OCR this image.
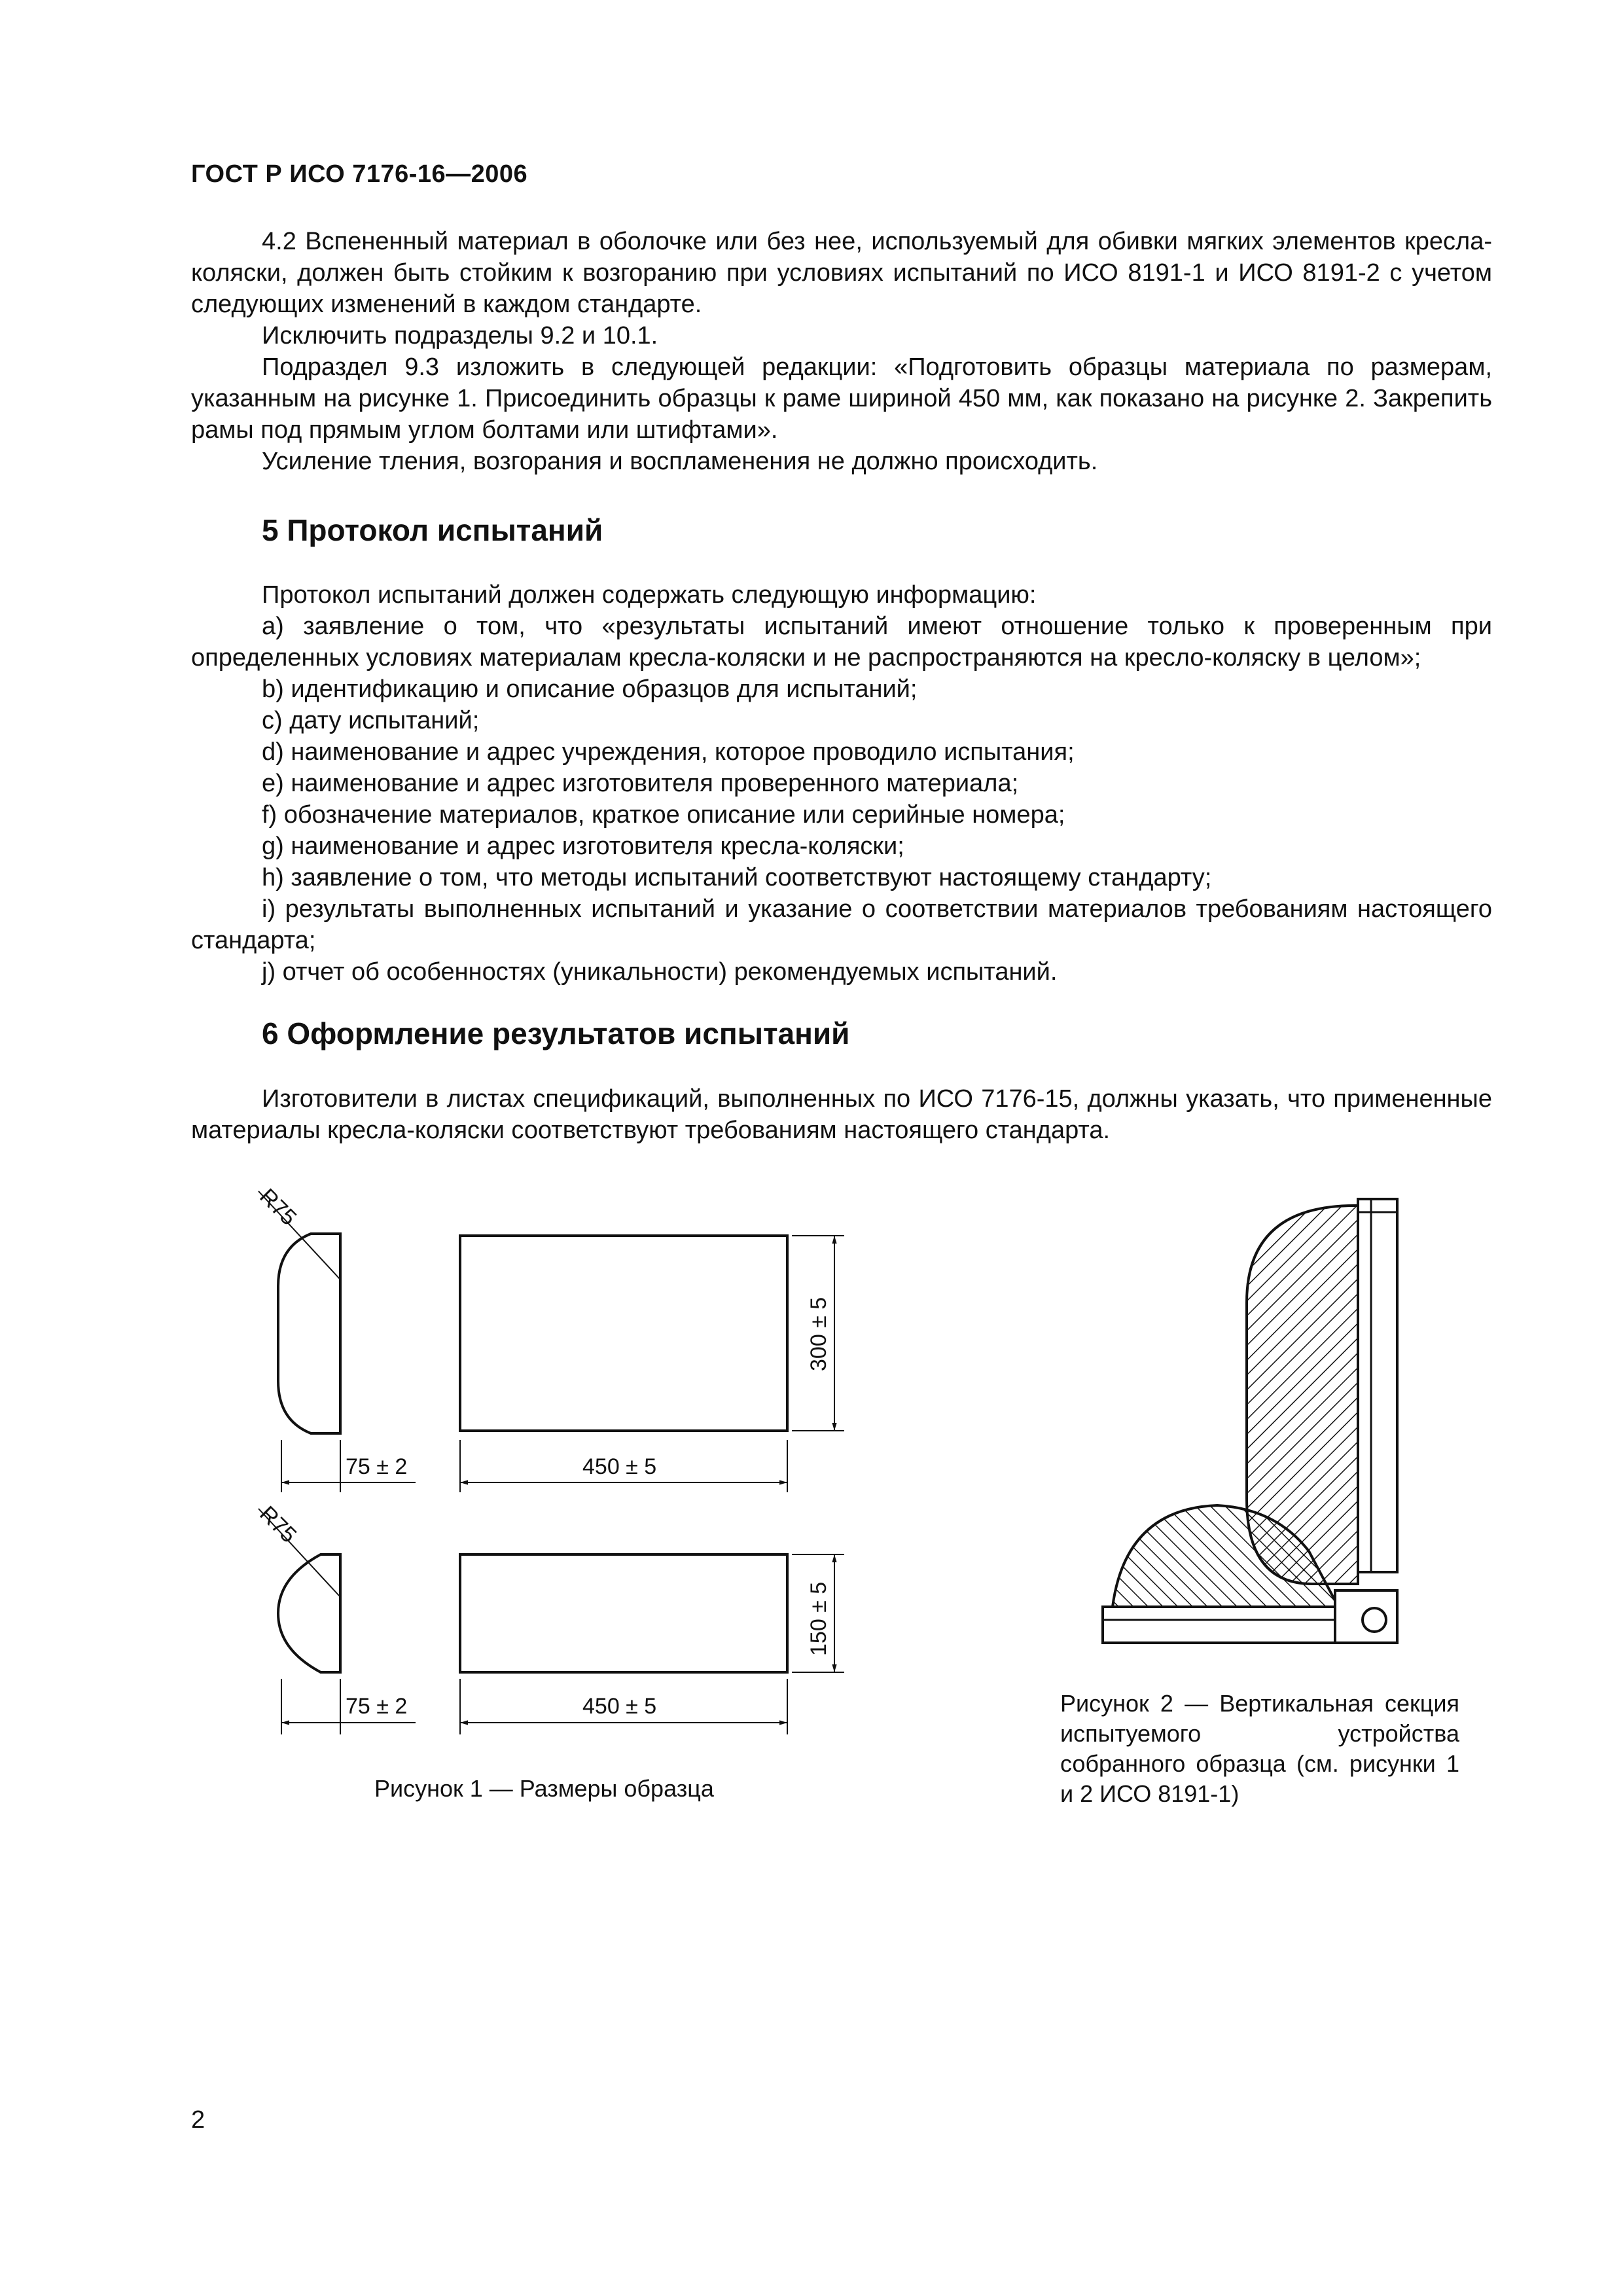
ГОСТ Р ИСО 7176-16—2006

4.2 Вспененный материал в оболочке или без нее, используемый для обивки мягких элементов кресла-коляски, должен быть стойким к возгоранию при условиях испытаний по ИСО 8191-1 и ИСО 8191-2 с учетом следующих изменений в каждом стандарте.

Исключить подразделы 9.2 и 10.1.

Подраздел 9.3 изложить в следующей редакции: «Подготовить образцы материала по размерам, указанным на рисунке 1. Присоединить образцы к раме шириной 450 мм, как показано на рисунке 2. Закрепить рамы под прямым углом болтами или штифтами».

Усиление тления, возгорания и воспламенения не должно происходить.

5 Протокол испытаний

Протокол испытаний должен содержать следующую информацию:

a) заявление о том, что «результаты испытаний имеют отношение только к проверенным при определенных условиях материалам кресла-коляски и не распространяются на кресло-коляску в целом»;

b) идентификацию и описание образцов для испытаний;

c) дату испытаний;

d) наименование и адрес учреждения, которое проводило испытания;

e) наименование и адрес изготовителя проверенного материала;

f) обозначение материалов, краткое описание или серийные номера;

g) наименование и адрес изготовителя кресла-коляски;

h) заявление о том, что методы испытаний соответствуют настоящему стандарту;

i) результаты выполненных испытаний и указание о соответствии материалов требованиям настоящего стандарта;

j) отчет об особенностях (уникальности) рекомендуемых испытаний.

6 Оформление результатов испытаний

Изготовители в листах спецификаций, выполненных по ИСО 7176-15, должны указать, что примененные материалы кресла-коляски соответствуют требованиям настоящего стандарта.

R75
R75
75 ± 2
75 ± 2
450 ± 5
450 ± 5
300 ± 5
150 ± 5
Рисунок 1 — Размеры образца
Рисунок 2 — Вертикальная секция испытуемого устройства собранного образца (см. рисунки 1 и 2 ИСО 8191-1)
2
